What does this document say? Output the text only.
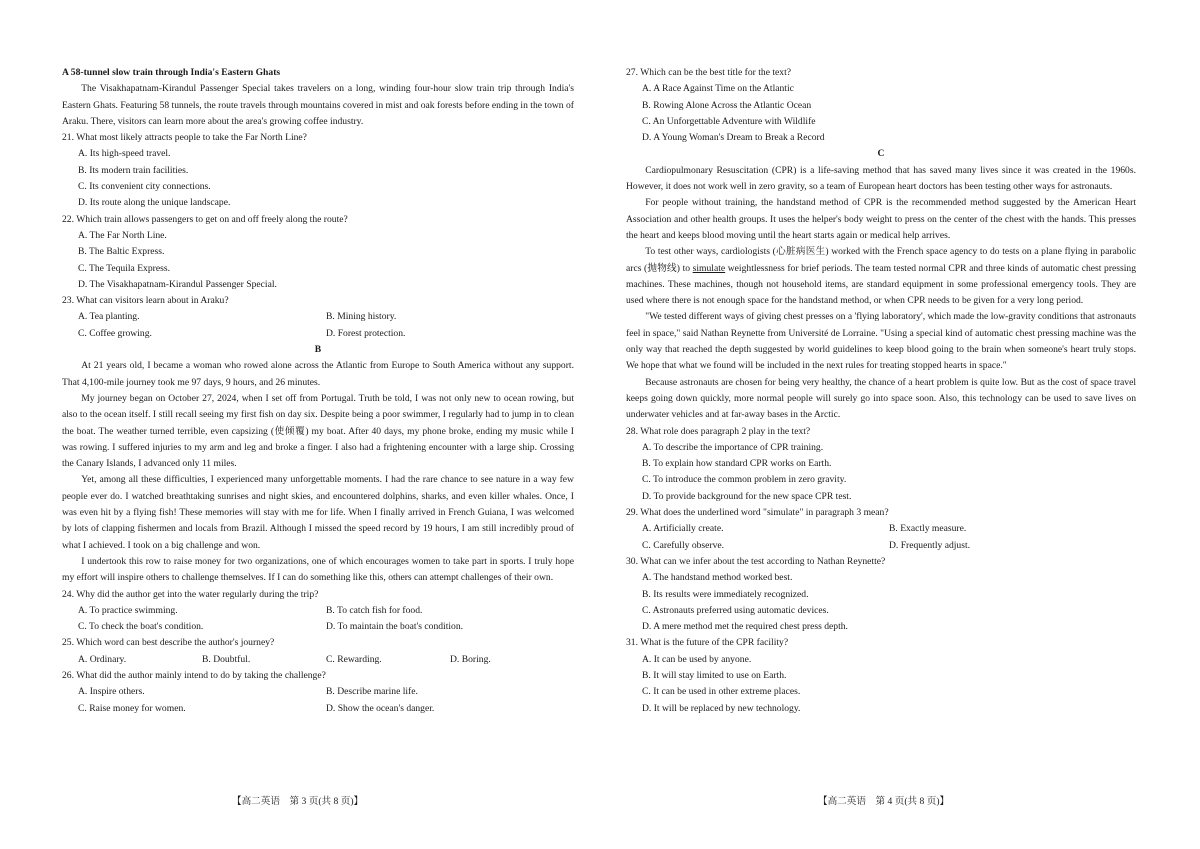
A 58-tunnel slow train through India's Eastern Ghats

The Visakhapatnam-Kirandul Passenger Special takes travelers on a long, winding four-hour slow train trip through India's Eastern Ghats. Featuring 58 tunnels, the route travels through mountains covered in mist and oak forests before ending in the town of Araku. There, visitors can learn more about the area's growing coffee industry.

21. What most likely attracts people to take the Far North Line?

A. Its high-speed travel.

B. Its modern train facilities.

C. Its convenient city connections.

D. Its route along the unique landscape.

22. Which train allows passengers to get on and off freely along the route?

A. The Far North Line.

B. The Baltic Express.

C. The Tequila Express.

D. The Visakhapatnam-Kirandul Passenger Special.

23. What can visitors learn about in Araku?

A. Tea planting.	B. Mining history.
C. Coffee growing.	D. Forest protection.

B

At 21 years old, I became a woman who rowed alone across the Atlantic from Europe to South America without any support. That 4,100-mile journey took me 97 days, 9 hours, and 26 minutes.

My journey began on October 27, 2024, when I set off from Portugal. Truth be told, I was not only new to ocean rowing, but also to the ocean itself. I still recall seeing my first fish on day six. Despite being a poor swimmer, I regularly had to jump in to clean the boat. The weather turned terrible, even capsizing (使倾覆) my boat. After 40 days, my phone broke, ending my music while I was rowing. I suffered injuries to my arm and leg and broke a finger. I also had a frightening encounter with a large ship. Crossing the Canary Islands, I advanced only 11 miles.

Yet, among all these difficulties, I experienced many unforgettable moments. I had the rare chance to see nature in a way few people ever do. I watched breathtaking sunrises and night skies, and encountered dolphins, sharks, and even killer whales. Once, I was even hit by a flying fish! These memories will stay with me for life. When I finally arrived in French Guiana, I was welcomed by lots of clapping fishermen and locals from Brazil. Although I missed the speed record by 19 hours, I am still incredibly proud of what I achieved. I took on a big challenge and won.

I undertook this row to raise money for two organizations, one of which encourages women to take part in sports. I truly hope my effort will inspire others to challenge themselves. If I can do something like this, others can attempt challenges of their own.

24. Why did the author get into the water regularly during the trip?

A. To practice swimming.	B. To catch fish for food.
C. To check the boat's condition.	D. To maintain the boat's condition.

25. Which word can best describe the author's journey?

A. Ordinary.	B. Doubtful.	C. Rewarding.	D. Boring.

26. What did the author mainly intend to do by taking the challenge?

A. Inspire others.	B. Describe marine life.
C. Raise money for women.	D. Show the ocean's danger.

27. Which can be the best title for the text?

A. A Race Against Time on the Atlantic

B. Rowing Alone Across the Atlantic Ocean

C. An Unforgettable Adventure with Wildlife

D. A Young Woman's Dream to Break a Record

C

Cardiopulmonary Resuscitation (CPR) is a life-saving method that has saved many lives since it was created in the 1960s. However, it does not work well in zero gravity, so a team of European heart doctors has been testing other ways for astronauts.

For people without training, the handstand method of CPR is the recommended method suggested by the American Heart Association and other health groups. It uses the helper's body weight to press on the center of the chest with the hands. This presses the heart and keeps blood moving until the heart starts again or medical help arrives.

To test other ways, cardiologists (心脏病医生) worked with the French space agency to do tests on a plane flying in parabolic arcs (抛物线) to simulate weightlessness for brief periods. The team tested normal CPR and three kinds of automatic chest pressing machines. These machines, though not household items, are standard equipment in some professional emergency tools. They are used where there is not enough space for the handstand method, or when CPR needs to be given for a very long period.

"We tested different ways of giving chest presses on a 'flying laboratory', which made the low-gravity conditions that astronauts feel in space," said Nathan Reynette from Université de Lorraine. "Using a special kind of automatic chest pressing machine was the only way that reached the depth suggested by world guidelines to keep blood going to the brain when someone's heart truly stops. We hope that what we found will be included in the next rules for treating stopped hearts in space."

Because astronauts are chosen for being very healthy, the chance of a heart problem is quite low. But as the cost of space travel keeps going down quickly, more normal people will surely go into space soon. Also, this technology can be used to save lives on underwater vehicles and at far-away bases in the Arctic.

28. What role does paragraph 2 play in the text?

A. To describe the importance of CPR training.

B. To explain how standard CPR works on Earth.

C. To introduce the common problem in zero gravity.

D. To provide background for the new space CPR test.

29. What does the underlined word "simulate" in paragraph 3 mean?

A. Artificially create.	B. Exactly measure.
C. Carefully observe.	D. Frequently adjust.

30. What can we infer about the test according to Nathan Reynette?

A. The handstand method worked best.

B. Its results were immediately recognized.

C. Astronauts preferred using automatic devices.

D. A mere method met the required chest press depth.

31. What is the future of the CPR facility?

A. It can be used by anyone.

B. It will stay limited to use on Earth.

C. It can be used in other extreme places.

D. It will be replaced by new technology.

【高二英语　第 3 页(共 8 页)】	【高二英语　第 4 页(共 8 页)】
